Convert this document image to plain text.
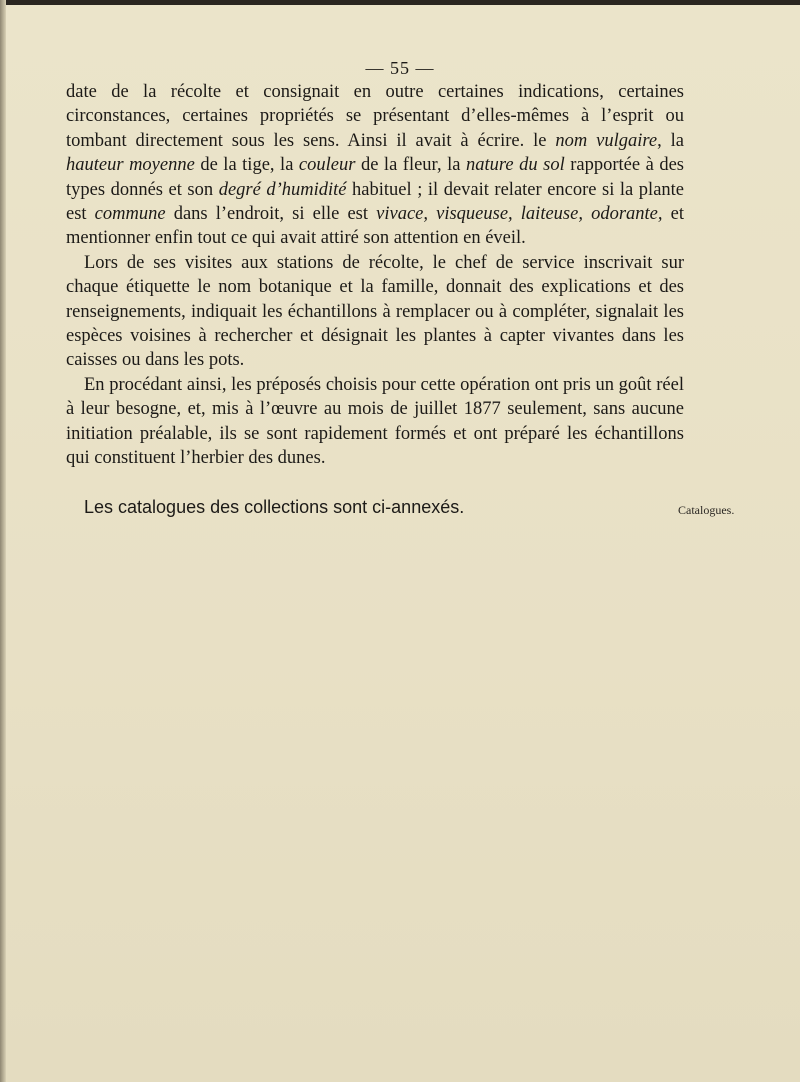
— 55 —

date de la récolte et consignait en outre certaines indications, certaines circonstances, certaines propriétés se présentant d’elles-mêmes à l’esprit ou tombant directement sous les sens. Ainsi il avait à écrire. le nom vulgaire, la hauteur moyenne de la tige, la couleur de la fleur, la nature du sol rapportée à des types donnés et son degré d’humidité habituel ; il devait relater encore si la plante est commune dans l’endroit, si elle est vivace, visqueuse, laiteuse, odorante, et mentionner enfin tout ce qui avait attiré son attention en éveil.

Lors de ses visites aux stations de récolte, le chef de service inscrivait sur chaque étiquette le nom botanique et la famille, donnait des explications et des renseignements, indiquait les échantillons à remplacer ou à compléter, signalait les espèces voisines à rechercher et désignait les plantes à capter vivantes dans les caisses ou dans les pots.

En procédant ainsi, les préposés choisis pour cette opération ont pris un goût réel à leur besogne, et, mis à l’œuvre au mois de juillet 1877 seulement, sans aucune initiation préalable, ils se sont rapidement formés et ont préparé les échantillons qui constituent l’herbier des dunes.

Les catalogues des collections sont ci-annexés.	Catalogues.
